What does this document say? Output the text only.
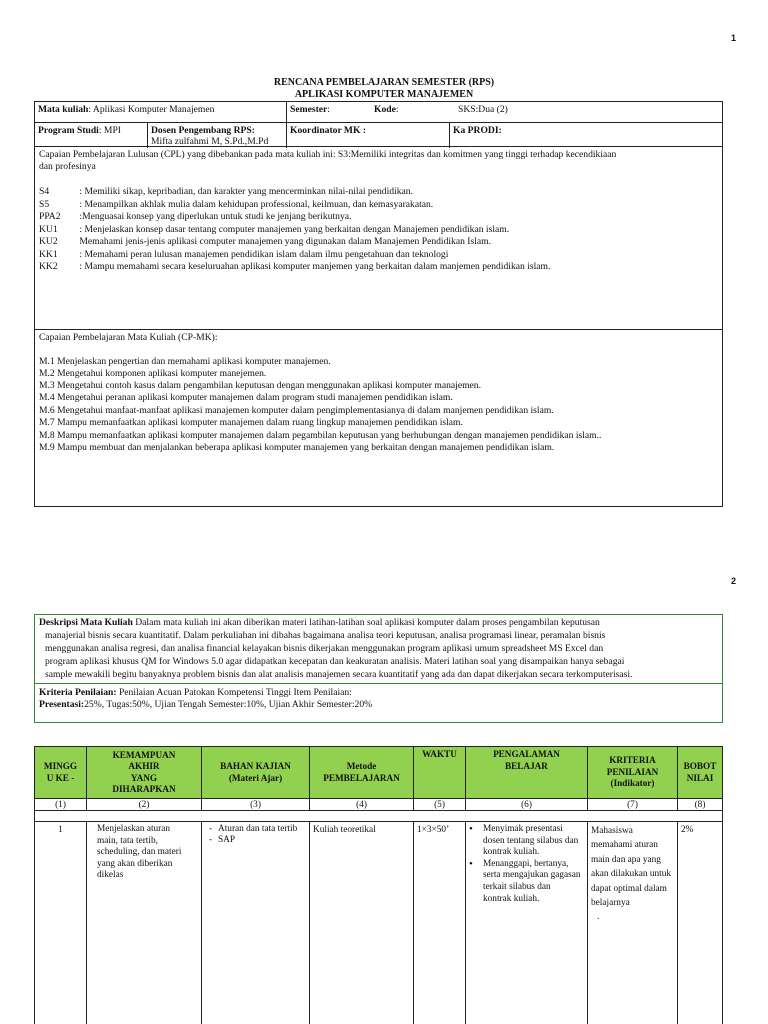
1
RENCANA PEMBELAJARAN SEMESTER (RPS)
APLIKASI KOMPUTER MANAJEMEN
Mata kuliah: Aplikasi Komputer Manajemen	Semester:	Kode:	SKS:Dua (2)
Program Studi: MPI	Dosen Pengembang RPS:
Mifta zulfahmi M, S.Pd.,M.Pd
Koordinator MK :	Ka PRODI:
Capaian Pembelajaran Lulusan (CPL) yang dibebankan pada mata kuliah ini: S3:Memiliki integritas dan komitmen yang tinggi terhadap kecendikiaan
dan profesinya
S4	: Memiliki sikap, kepribadian, dan karakter yang mencerminkan nilai-nilai pendidikan.
S5	: Menampilkan akhlak mulia dalam kehidupan professional, keilmuan, dan kemasyarakatan.
PPA2 :Menguasai konsep yang diperlukan untuk studi ke jenjang berikutnya.
KU1 : Menjelaskan konsep dasar tentang computer manajemen yang berkaitan dengan Manajemen pendidikan islam.
KU2 Memahami jenis-jenis aplikasi computer manajemen yang digunakan dalam Manajemen Pendidikan Islam.
KK1 : Memahami peran lulusan manajemen pendidikan islam dalam ilmu pengetahuan dan teknologi
KK2 : Mampu memahami secara keseluruahan aplikasi komputer manjemen yang berkaitan dalam manjemen pendidikan islam.
Capaian Pembelajaran Mata Kuliah (CP-MK):
M.1 Menjelaskan pengertian dan memahami aplikasi komputer manajemen.
M.2 Mengetahui komponen aplikasi komputer manejemen.
M.3 Mengetahui contoh kasus dalam pengambilan keputusan dengan menggunakan aplikasi komputer manajemen.
M.4 Mengetahui peranan aplikasi komputer manajemen dalam program studi manajemen pendidikan islam.
M.6 Mengetahui manfaat-manfaat aplikasi manajemen komputer dalam pengimplementasianya di dalam manjemen pendidikan islam.
M.7 Mampu memanfaatkan aplikasi komputer manajemen dalam ruang lingkup manajemen pendidikan islam.
M.8 Mampu memanfaatkan aplikasi komputer manajemen dalam pegambilan keputusan yang berhubungan dengan manajemen pendidikan islam..
M.9 Mampu membuat dan menjalankan beberapa aplikasi komputer manajemen yang berkaitan dengan manajemen pendidikan islam.
2
Deskripsi Mata Kuliah Dalam mata kuliah ini akan diberikan materi latihan-latihan soal aplikasi komputer dalam proses pengambilan keputusan
manajerial bisnis secara kuantitatif. Dalam perkuliahan ini dibahas bagaimana analisa teori keputusan, analisa programasi linear, peramalan bisnis
menggunakan analisa regresi, dan analisa financial kelayakan bisnis dikerjakan menggunakan program aplikasi umum spreadsheet MS Excel dan
program aplikasi khusus QM for Windows 5.0 agar didapatkan kecepatan dan keakuratan analisis. Materi latihan soal yang disampaikan hanya sebagai
sample mewakili begitu banyaknya problem bisnis dan alat analisis manajemen secara kuantitatif yang ada dan dapat dikerjakan secara terkomputerisasi.
Kriteria Penilaian: Penilaian Acuan Patokan Kompetensi Tinggi Item Penilaian:
Presentasi:25%, Tugas:50%, Ujian Tengah Semester:10%, Ujian Akhir Semester:20%
MINGG
U KE -
KEMAMPUAN
AKHIR
YANG
DIHARAPKAN
BAHAN KAJIAN
(Materi Ajar)
Metode
PEMBELAJARAN
WAKTU	PENGALAMAN
BELAJAR
KRITERIA
PENILAIAN
(Indikator)
BOBOT
NILAI
(1)	(2)	(3)	(4)	(5)	(6)	(7)	(8)
1	Menjelaskan aturan main, tata tertib, scheduling, dan materi yang akan diberikan dikelas
- Aturan dan tata tertib
- SAP
Kuliah teoretikal	1×3×50’
•	Menyimak presentasi dosen tentang silabus dan kontrak kuliah.
• Menanggapi, bertanya, serta mengajukan gagasan terkait silabus dan kontrak kuliah.
Mahasiswa memahami aturan main dan apa yang akan dilakukan untuk dapat optimal dalam belajarnya
.
2%
